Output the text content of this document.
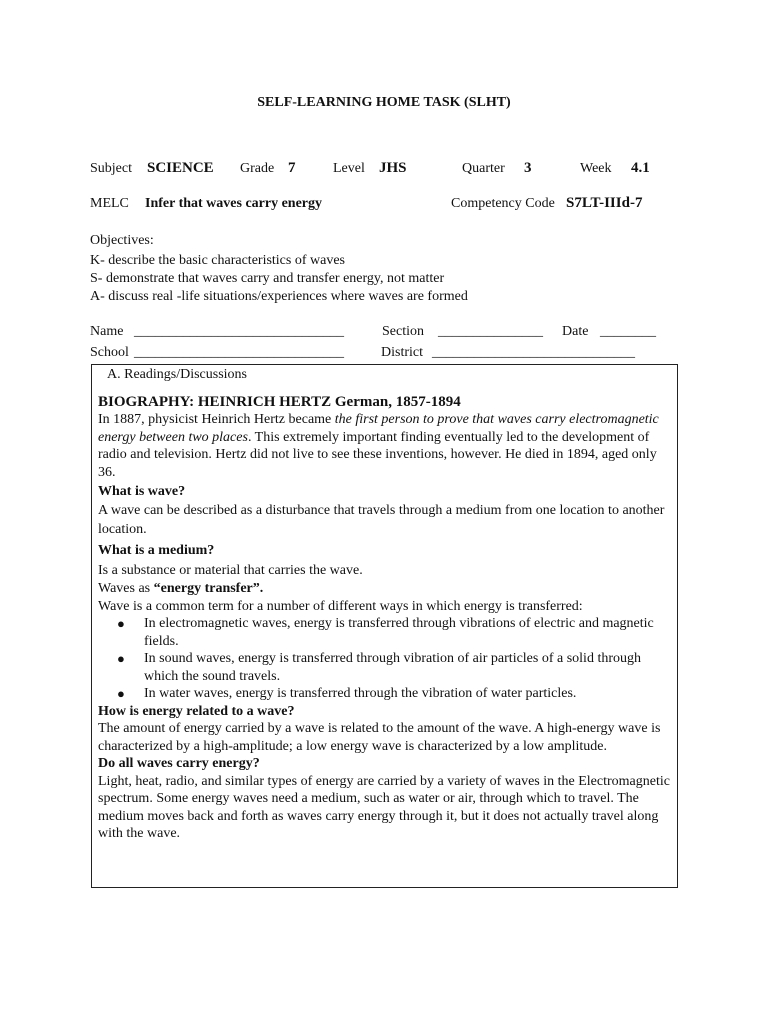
SELF-LEARNING HOME TASK (SLHT)
Subject SCIENCE Grade 7	Level JHS	Quarter 3	Week 4.1
MELC Infer that waves carry energy	Competency Code S7LT-IIId-7
Objectives:
K- describe the basic characteristics of waves
S- demonstrate that waves carry and transfer energy, not matter
A- discuss real -life situations/experiences where waves are formed
Name ______________________________	Section _______________ Date ________
School ______________________________	District _____________________________

A. Readings/Discussions

BIOGRAPHY: HEINRICH HERTZ German, 1857-1894

In 1887, physicist Heinrich Hertz became the first person to prove that waves carry electromagnetic energy between two places. This extremely important finding eventually led to the development of radio and television. Hertz did not live to see these inventions, however. He died in 1894, aged only 36.

What is wave?

A wave can be described as a disturbance that travels through a medium from one location to another location.

What is a medium?

Is a substance or material that carries the wave.

Waves as “energy transfer”.

Wave is a common term for a number of different ways in which energy is transferred:

● In electromagnetic waves, energy is transferred through vibrations of electric and magnetic fields.
● In sound waves, energy is transferred through vibration of air particles of a solid through which the sound travels.
● In water waves, energy is transferred through the vibration of water particles.

How is energy related to a wave?

The amount of energy carried by a wave is related to the amount of the wave. A high-energy wave is characterized by a high-amplitude; a low energy wave is characterized by a low amplitude.

Do all waves carry energy?

Light, heat, radio, and similar types of energy are carried by a variety of waves in the Electromagnetic spectrum. Some energy waves need a medium, such as water or air, through which to travel. The medium moves back and forth as waves carry energy through it, but it does not actually travel along with the wave.
